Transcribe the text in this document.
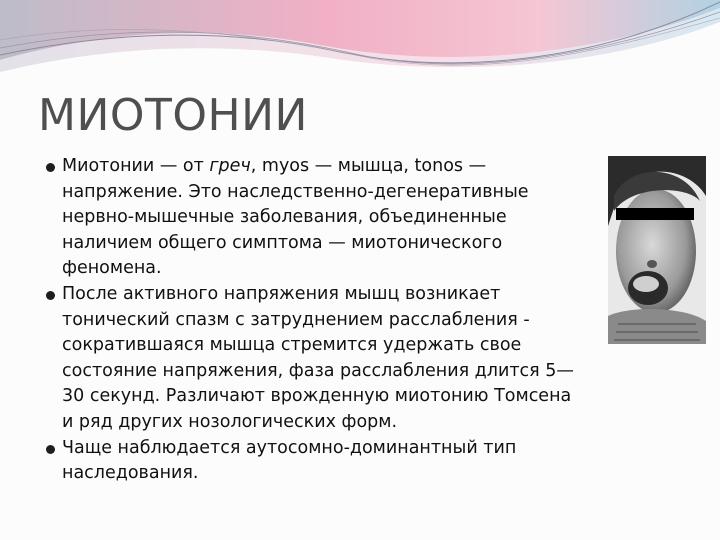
МИОТОНИИ
Миотонии — от греч, myos — мышца, tonos —
напряжение. Это наследственно-дегенеративные
нервно-мышечные заболевания, объединенные
наличием общего симптома — миотонического
феномена.
После активного напряжения мышц возникает
тонический спазм с затруднением расслабления -
сократившаяся мышца стремится удержать свое
состояние напряжения, фаза расслабления длится 5—
30 секунд. Различают врожденную миотонию Томсена
и ряд других нозологических форм.
Чаще наблюдается аутосомно-доминантный тип
наследования.
